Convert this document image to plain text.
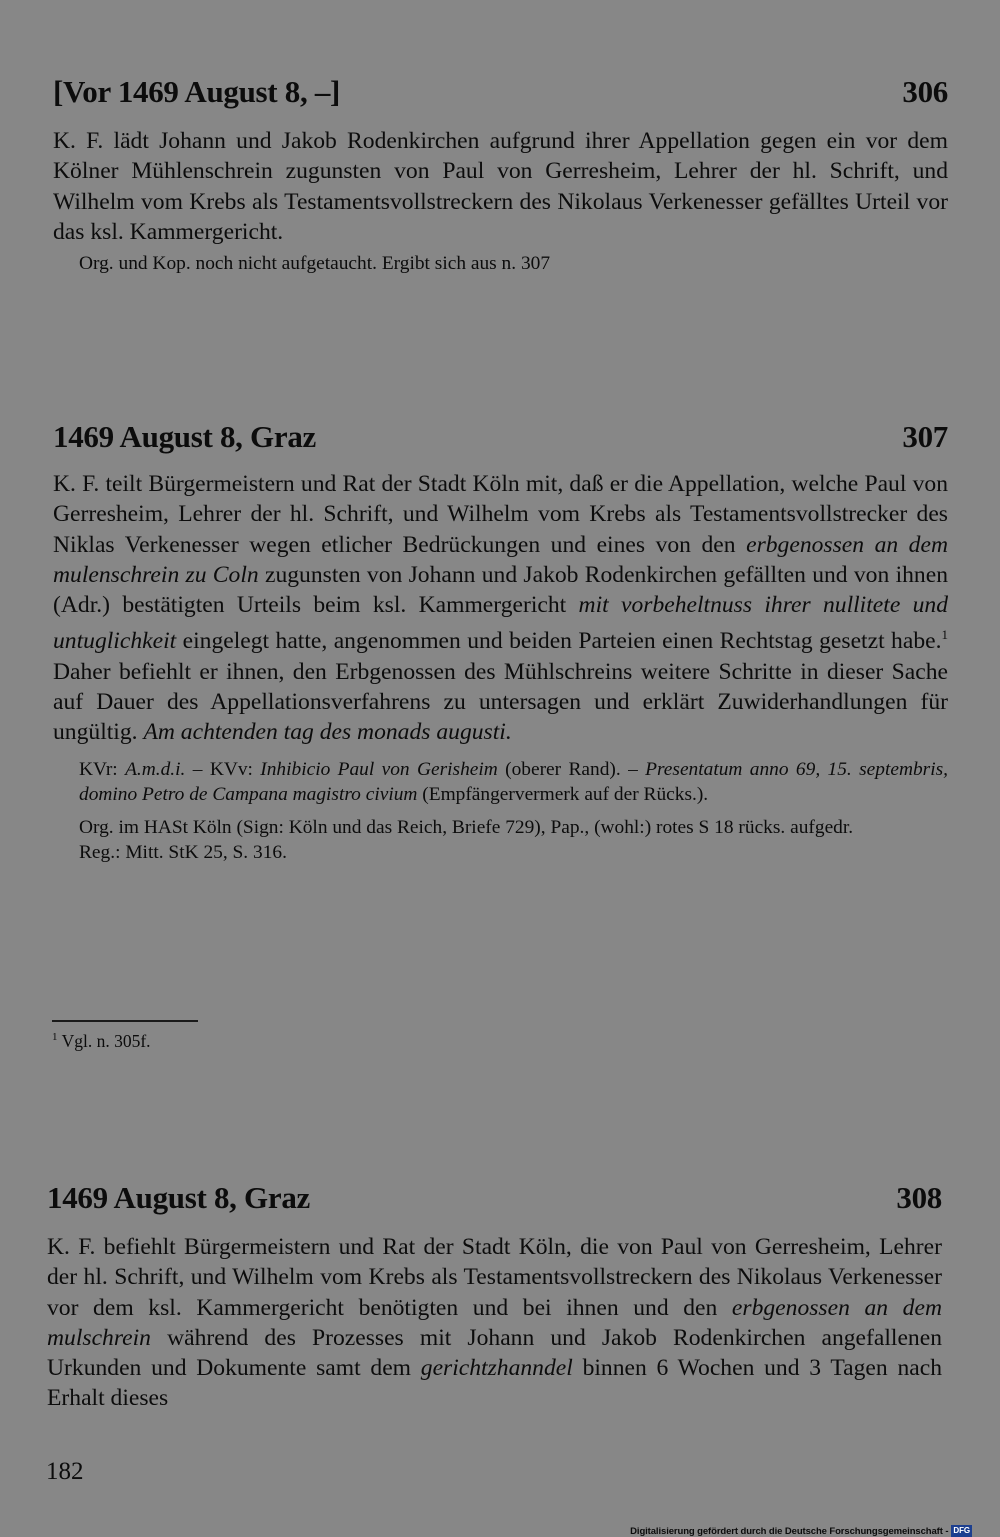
[Vor 1469 August 8, –]	306
K. F. lädt Johann und Jakob Rodenkirchen aufgrund ihrer Appellation gegen ein vor dem Kölner Mühlenschrein zugunsten von Paul von Gerresheim, Lehrer der hl. Schrift, und Wilhelm vom Krebs als Testamentsvollstreckern des Nikolaus Verkenesser gefälltes Urteil vor das ksl. Kammergericht.
Org. und Kop. noch nicht aufgetaucht. Ergibt sich aus n. 307
1469 August 8, Graz	307
K. F. teilt Bürgermeistern und Rat der Stadt Köln mit, daß er die Appellation, welche Paul von Gerresheim, Lehrer der hl. Schrift, und Wilhelm vom Krebs als Testamentsvollstrecker des Niklas Verkenesser wegen etlicher Bedrückungen und eines von den erbgenossen an dem mulenschrein zu Coln zugunsten von Johann und Jakob Rodenkirchen gefällten und von ihnen (Adr.) bestätigten Urteils beim ksl. Kammergericht mit vorbeheltnuss ihrer nullitete und untuglichkeit eingelegt hatte, angenommen und beiden Parteien einen Rechtstag gesetzt habe.$^1$ Daher befiehlt er ihnen, den Erbgenossen des Mühlschreins weitere Schritte in dieser Sache auf Dauer des Appellationsverfahrens zu untersagen und erklärt Zuwiderhandlungen für ungültig. Am achtenden tag des monads augusti.
KVr: A.m.d.i. – KVv: Inhibicio Paul von Gerisheim (oberer Rand). – Presentatum anno 69, 15. septembris, domino Petro de Campana magistro civium (Empfängervermerk auf der Rücks.).
Org. im HASt Köln (Sign: Köln und das Reich, Briefe 729), Pap., (wohl:) rotes S 18 rücks. aufgedr.
Reg.: Mitt. StK 25, S. 316.
$^1$ Vgl. n. 305f.
1469 August 8, Graz	308
K. F. befiehlt Bürgermeistern und Rat der Stadt Köln, die von Paul von Gerresheim, Lehrer der hl. Schrift, und Wilhelm vom Krebs als Testamentsvollstreckern des Nikolaus Verkenesser vor dem ksl. Kammergericht benötigten und bei ihnen und den erbgenossen an dem mulschrein während des Prozesses mit Johann und Jakob Rodenkirchen angefallenen Urkunden und Dokumente samt dem gerichtzhanndel binnen 6 Wochen und 3 Tagen nach Erhalt dieses
182
Digitalisierung gefördert durch die Deutsche Forschungsgemeinschaft - DFG
